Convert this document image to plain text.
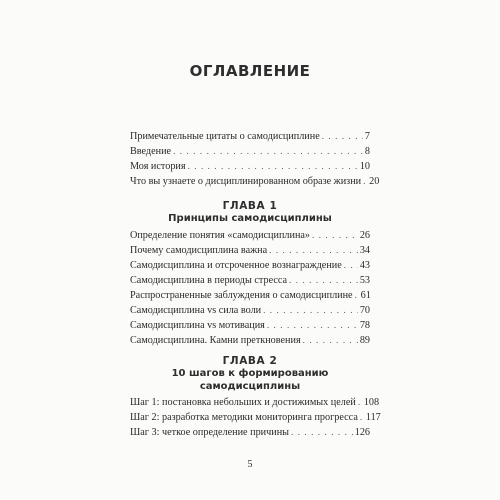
ОГЛАВЛЕНИЕ
Примечательные цитаты о самодисциплине . . .	7
Введение . . .	8
Моя история . . .	10
Что вы узнаете о дисциплинированном образе жизни . . . 20
ГЛАВА 1
Принципы самодисциплины
Определение понятия «самодисциплина» . . .	26
Почему самодисциплина важна . . .	34
Самодисциплина и отсроченное вознаграждение . . . 43
Самодисциплина в периоды стресса . . .	53
Распространенные заблуждения о самодисциплине . . . 61
Самодисциплина vs сила воли . . .	70
Самодисциплина vs мотивация . . .	78
Самодисциплина. Камни преткновения . . .	89
ГЛАВА 2
10 шагов к формированию
самодисциплины
Шаг 1: постановка небольших и достижимых целей . . . 108
Шаг 2: разработка методики мониторинга прогресса . . . 117
Шаг 3: четкое определение причины . . .	126
5
